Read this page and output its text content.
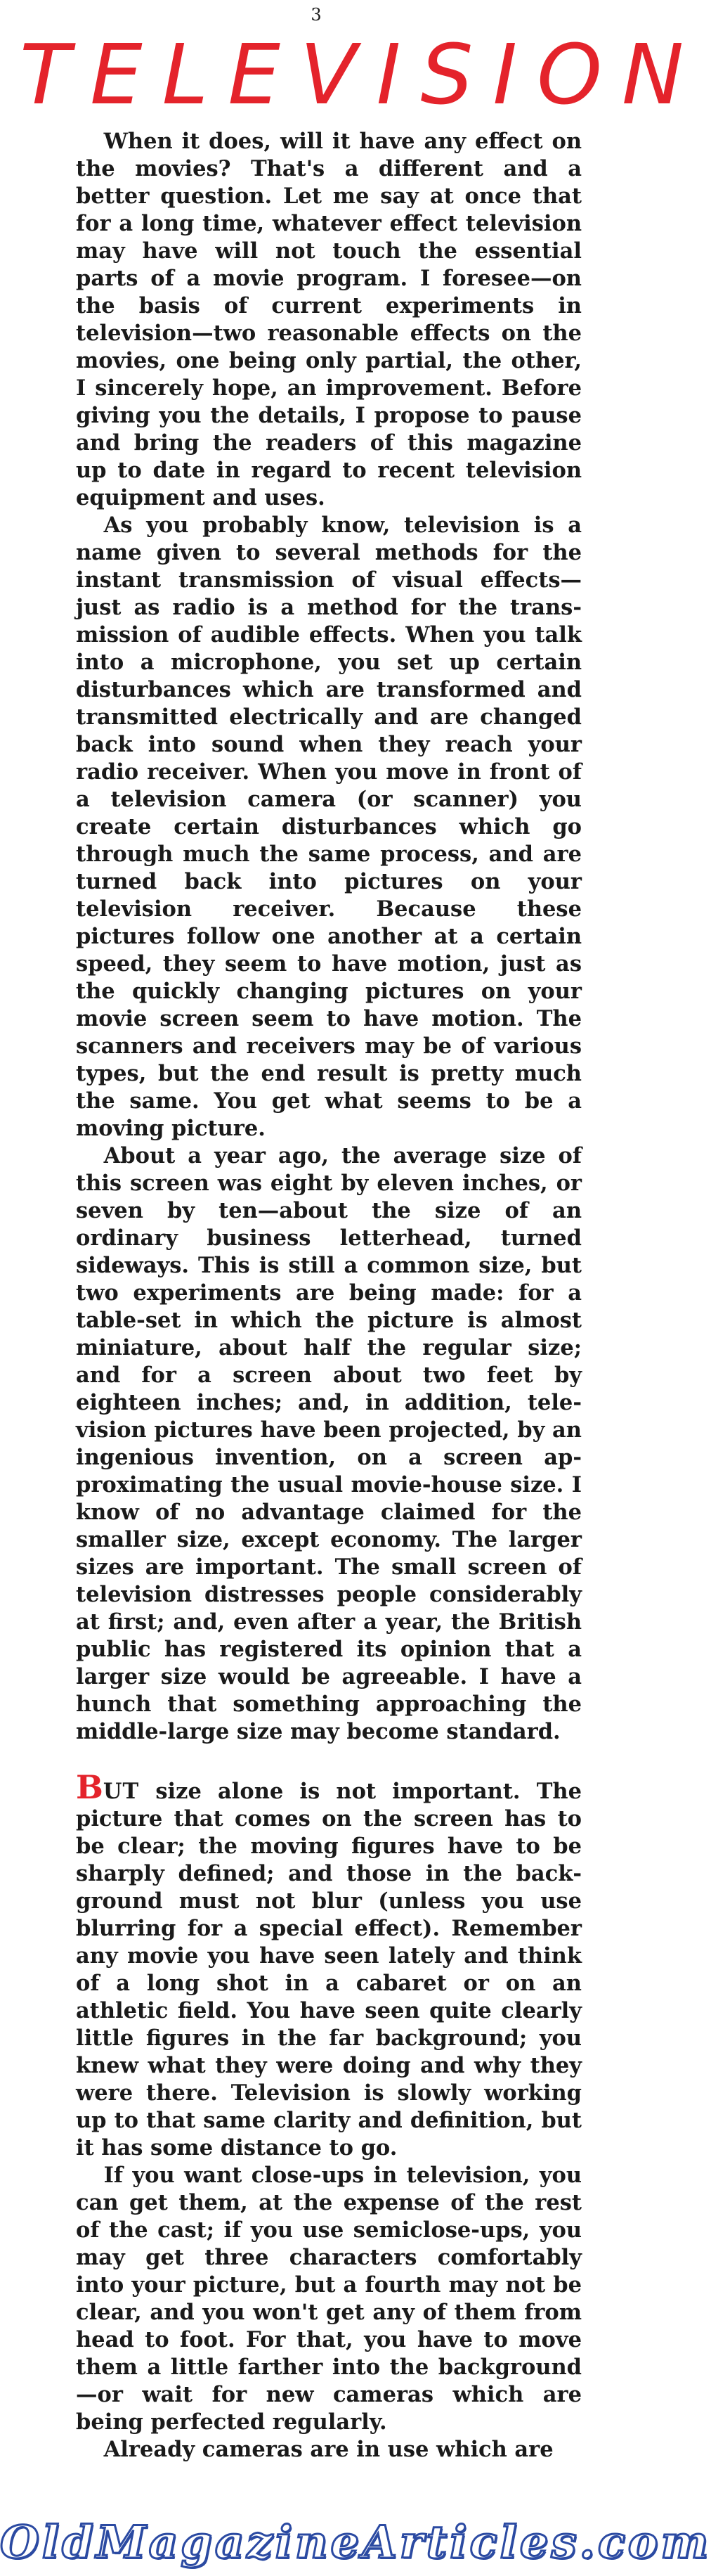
3
TELEVISION

When it does, will it have any effect on the movies? That's a different and a better question. Let me say at once that for a long time, whatever effect television may have will not touch the essential parts of a movie program. I foresee—on the basis of current experiments in television—two reasonable effects on the movies, one being only partial, the other, I sincerely hope, an improvement. Before giving you the details, I propose to pause and bring the readers of this magazine up to date in regard to recent television equipment and uses.

As you probably know, television is a name given to several methods for the instant transmission of visual effects—just as radio is a method for the transmission of audible effects. When you talk into a microphone, you set up certain disturbances which are transformed and transmitted electrically and are changed back into sound when they reach your radio receiver. When you move in front of a television camera (or scanner) you create certain disturbances which go through much the same process, and are turned back into pictures on your television receiver. Because these pictures follow one another at a certain speed, they seem to have motion, just as the quickly changing pictures on your movie screen seem to have motion. The scanners and receivers may be of various types, but the end result is pretty much the same. You get what seems to be a moving picture.

About a year ago, the average size of this screen was eight by eleven inches, or seven by ten—about the size of an ordinary business letterhead, turned sideways. This is still a common size, but two experiments are being made: for a table-set in which the picture is almost miniature, about half the regular size; and for a screen about two feet by eighteen inches; and, in addition, television pictures have been projected, by an ingenious invention, on a screen approximating the usual movie-house size. I know of no advantage claimed for the smaller size, except economy. The larger sizes are important. The small screen of television distresses people considerably at first; and, even after a year, the British public has registered its opinion that a larger size would be agreeable. I have a hunch that something approaching the middle-large size may become standard.

BUT size alone is not important. The picture that comes on the screen has to be clear; the moving figures have to be sharply defined; and those in the background must not blur (unless you use blurring for a special effect). Remember any movie you have seen lately and think of a long shot in a cabaret or on an athletic field. You have seen quite clearly little figures in the far background; you knew what they were doing and why they were there. Television is slowly working up to that same clarity and definition, but it has some distance to go.

If you want close-ups in television, you can get them, at the expense of the rest of the cast; if you use semiclose-ups, you may get three characters comfortably into your picture, but a fourth may not be clear, and you won't get any of them from head to foot. For that, you have to move them a little farther into the background—or wait for new cameras which are being perfected regularly.

Already cameras are in use which are

OldMagazineArticles.com
